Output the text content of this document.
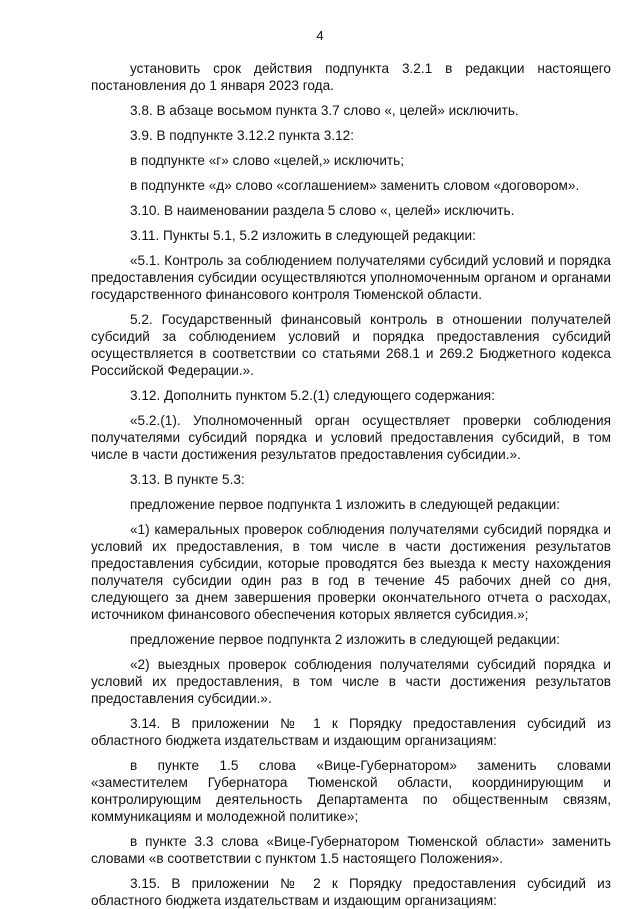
4

установить срок действия подпункта 3.2.1 в редакции настоящего постановления до 1 января 2023 года.

3.8. В абзаце восьмом пункта 3.7 слово «, целей» исключить.

3.9. В подпункте 3.12.2 пункта 3.12:

в подпункте «г» слово «целей,» исключить;

в подпункте «д» слово «соглашением» заменить словом «договором».

3.10. В наименовании раздела 5 слово «, целей» исключить.

3.11. Пункты 5.1, 5.2 изложить в следующей редакции:

«5.1. Контроль за соблюдением получателями субсидий условий и порядка предоставления субсидии осуществляются уполномоченным органом и органами государственного финансового контроля Тюменской области.

5.2. Государственный финансовый контроль в отношении получателей субсидий за соблюдением условий и порядка предоставления субсидий осуществляется в соответствии со статьями 268.1 и 269.2 Бюджетного кодекса Российской Федерации.».

3.12. Дополнить пунктом 5.2.(1) следующего содержания:

«5.2.(1). Уполномоченный орган осуществляет проверки соблюдения получателями субсидий порядка и условий предоставления субсидий, в том числе в части достижения результатов предоставления субсидии.».

3.13. В пункте 5.3:

предложение первое подпункта 1 изложить в следующей редакции:

«1) камеральных проверок соблюдения получателями субсидий порядка и условий их предоставления, в том числе в части достижения результатов предоставления субсидии, которые проводятся без выезда к месту нахождения получателя субсидии один раз в год в течение 45 рабочих дней со дня, следующего за днем завершения проверки окончательного отчета о расходах, источником финансового обеспечения которых является субсидия.»;

предложение первое подпункта 2 изложить в следующей редакции:

«2) выездных проверок соблюдения получателями субсидий порядка и условий их предоставления, в том числе в части достижения результатов предоставления субсидии.».

3.14. В приложении № 1 к Порядку предоставления субсидий из областного бюджета издательствам и издающим организациям:

в пункте 1.5 слова «Вице-Губернатором» заменить словами «заместителем Губернатора Тюменской области, координирующим и контролирующим деятельность Департамента по общественным связям, коммуникациям и молодежной политике»;

в пункте 3.3 слова «Вице-Губернатором Тюменской области» заменить словами «в соответствии с пунктом 1.5 настоящего Положения».

3.15. В приложении № 2 к Порядку предоставления субсидий из областного бюджета издательствам и издающим организациям:
